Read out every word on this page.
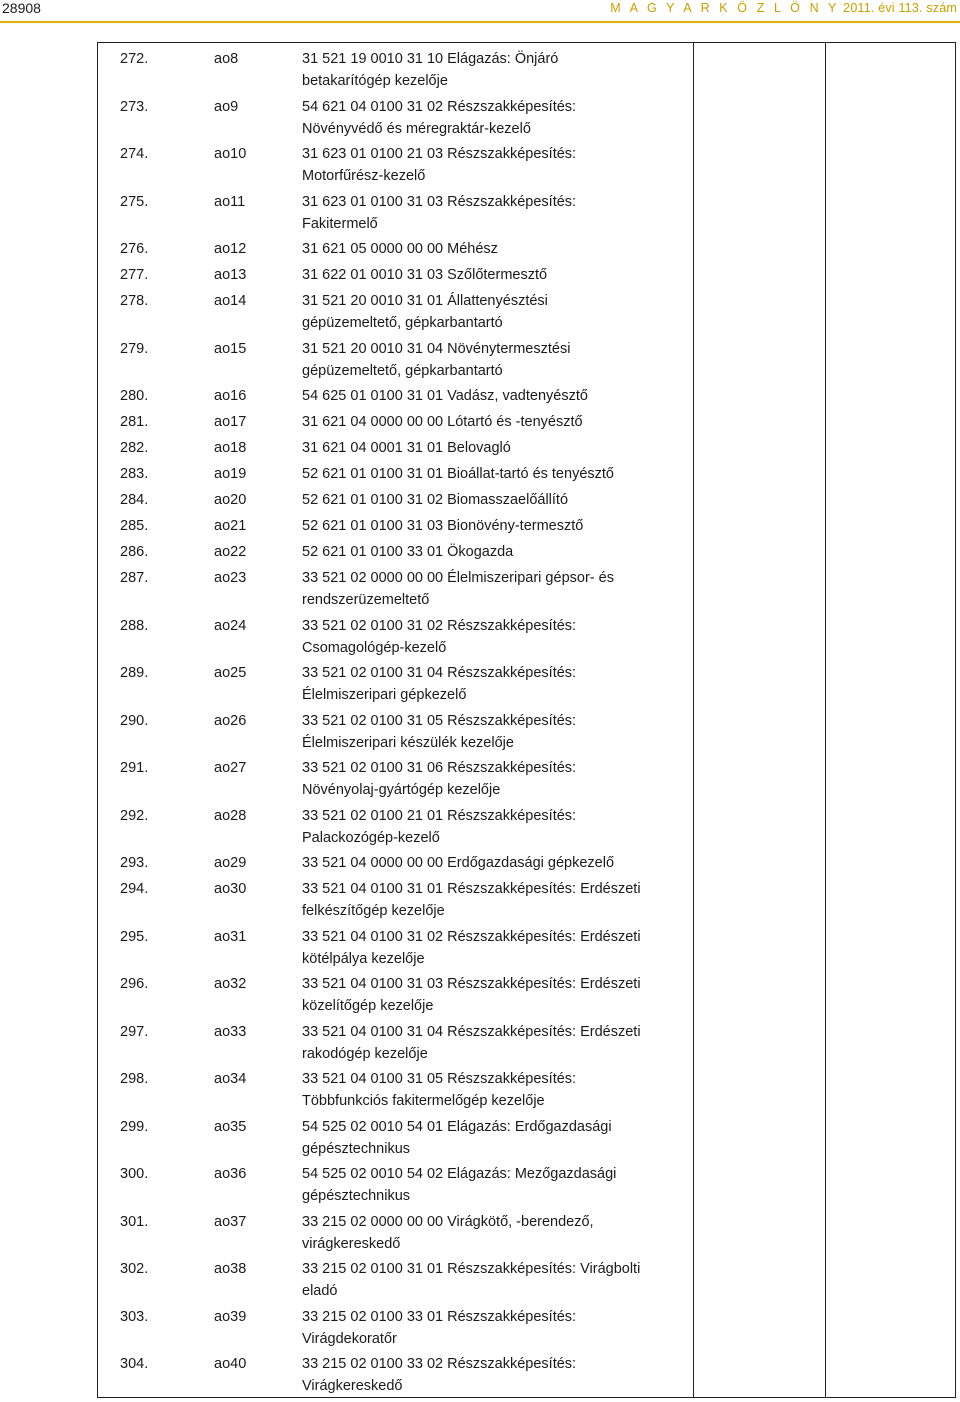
28908	M A G Y A R K Ö Z L Ö N Y 2011. évi 113. szám
272.	ao8	31 521 19 0010 31 10 Elágazás: Önjáró
betakarítógép kezelője
273.	ao9	54 621 04 0100 31 02 Részszakképesítés:
Növényvédő és méregraktár-kezelő
274.	ao10	31 623 01 0100 21 03 Részszakképesítés:
Motorfűrész-kezelő
275.	ao11	31 623 01 0100 31 03 Részszakképesítés:
Fakitermelő
276.	ao12	31 621 05 0000 00 00 Méhész
277.	ao13	31 622 01 0010 31 03 Szőlőtermesztő
278.	ao14	31 521 20 0010 31 01 Állattenyésztési
gépüzemeltető, gépkarbantartó
279.	ao15	31 521 20 0010 31 04 Növénytermesztési
gépüzemeltető, gépkarbantartó
280.	ao16	54 625 01 0100 31 01 Vadász, vadtenyésztő
281.	ao17	31 621 04 0000 00 00 Lótartó és -tenyésztő
282.	ao18	31 621 04 0001 31 01 Belovagló
283.	ao19	52 621 01 0100 31 01 Bioállat-tartó és tenyésztő
284.	ao20	52 621 01 0100 31 02 Biomasszaelőállító
285.	ao21	52 621 01 0100 31 03 Bionövény-termesztő
286.	ao22	52 621 01 0100 33 01 Ökogazda
287.	ao23	33 521 02 0000 00 00 Élelmiszeripari gépsor- és
rendszerüzemeltető
288.	ao24	33 521 02 0100 31 02 Részszakképesítés:
Csomagológép-kezelő
289.	ao25	33 521 02 0100 31 04 Részszakképesítés:
Élelmiszeripari gépkezelő
290.	ao26	33 521 02 0100 31 05 Részszakképesítés:
Élelmiszeripari készülék kezelője
291.	ao27	33 521 02 0100 31 06 Részszakképesítés:
Növényolaj-gyártógép kezelője
292.	ao28	33 521 02 0100 21 01 Részszakképesítés:
Palackozógép-kezelő
293.	ao29	33 521 04 0000 00 00 Erdőgazdasági gépkezelő
294.	ao30	33 521 04 0100 31 01 Részszakképesítés: Erdészeti
felkészítőgép kezelője
295.	ao31	33 521 04 0100 31 02 Részszakképesítés: Erdészeti
kötélpálya kezelője
296.	ao32	33 521 04 0100 31 03 Részszakképesítés: Erdészeti
közelítőgép kezelője
297.	ao33	33 521 04 0100 31 04 Részszakképesítés: Erdészeti
rakodógép kezelője
298.	ao34	33 521 04 0100 31 05 Részszakképesítés:
Többfunkciós fakitermelőgép kezelője
299.	ao35	54 525 02 0010 54 01 Elágazás: Erdőgazdasági
gépésztechnikus
300.	ao36	54 525 02 0010 54 02 Elágazás: Mezőgazdasági
gépésztechnikus
301.	ao37	33 215 02 0000 00 00 Virágkötő, -berendező,
virágkereskedő
302.	ao38	33 215 02 0100 31 01 Részszakképesítés: Virágbolti
eladó
303.	ao39	33 215 02 0100 33 01 Részszakképesítés:
Virágdekoratőr
304.	ao40	33 215 02 0100 33 02 Részszakképesítés:
Virágkereskedő
